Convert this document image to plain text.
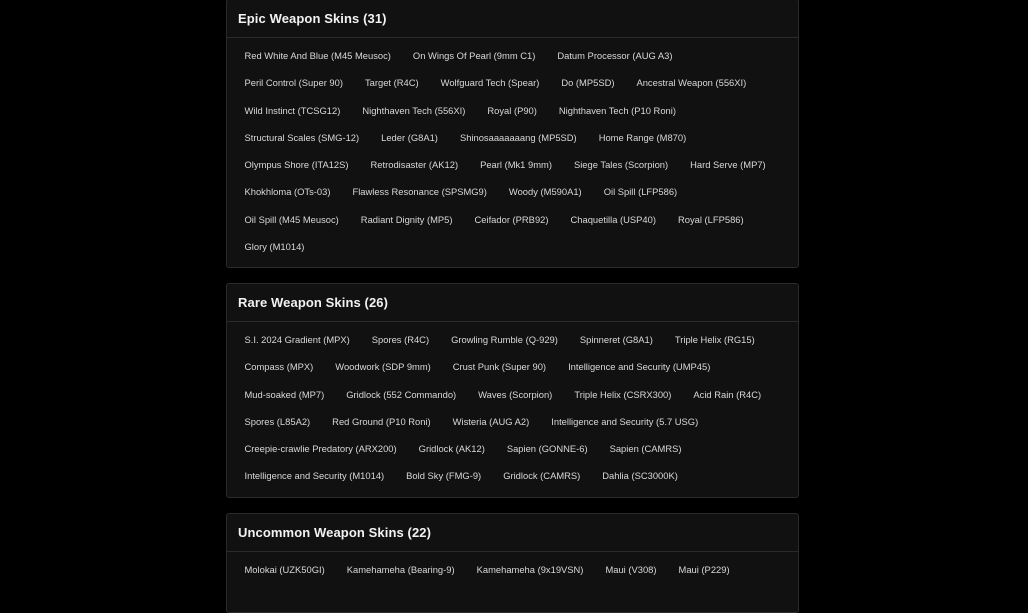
Epic Weapon Skins (31)
Red White And Blue (M45 Meusoc)	On Wings Of Pearl (9mm C1)	Datum Processor (AUG A3)
Peril Control (Super 90)	Target (R4C)	Wolfguard Tech (Spear)	Do (MP5SD)	Ancestral Weapon (556XI)
Wild Instinct (TCSG12)	Nighthaven Tech (556XI)	Royal (P90)	Nighthaven Tech (P10 Roni)
Structural Scales (SMG-12)	Leder (G8A1)	Shinosaaaaaaang (MP5SD)	Home Range (M870)
Olympus Shore (ITA12S)	Retrodisaster (AK12)	Pearl (Mk1 9mm)	Siege Tales (Scorpion)	Hard Serve (MP7)
Khokhloma (OTs-03)	Flawless Resonance (SPSMG9)	Woody (M590A1)	Oil Spill (LFP586)
Oil Spill (M45 Meusoc)	Radiant Dignity (MP5)	Ceifador (PRB92)	Chaquetilla (USP40)	Royal (LFP586)
Glory (M1014)
Rare Weapon Skins (26)
S.I. 2024 Gradient (MPX)	Spores (R4C)	Growling Rumble (Q-929)	Spinneret (G8A1)	Triple Helix (RG15)
Compass (MPX)	Woodwork (SDP 9mm)	Crust Punk (Super 90)	Intelligence and Security (UMP45)
Mud-soaked (MP7)	Gridlock (552 Commando)	Waves (Scorpion)	Triple Helix (CSRX300)	Acid Rain (R4C)
Spores (L85A2)	Red Ground (P10 Roni)	Wisteria (AUG A2)	Intelligence and Security (5.7 USG)
Creepie-crawlie Predatory (ARX200)	Gridlock (AK12)	Sapien (GONNE-6)	Sapien (CAMRS)
Intelligence and Security (M1014)	Bold Sky (FMG-9)	Gridlock (CAMRS)	Dahlia (SC3000K)
Uncommon Weapon Skins (22)
Molokai (UZK50GI)	Kamehameha (Bearing-9)	Kamehameha (9x19VSN)	Maui (V308)	Maui (P229)
